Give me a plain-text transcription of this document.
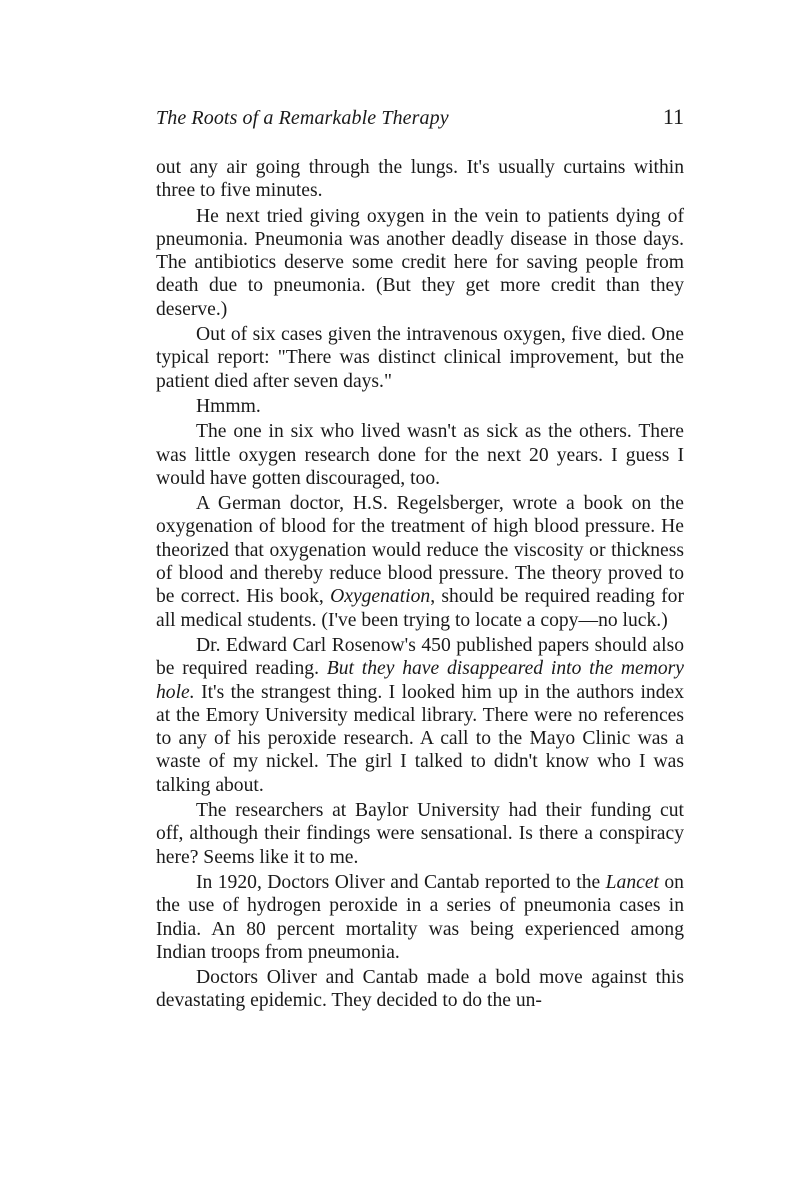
The Roots of a Remarkable Therapy	11

out any air going through the lungs. It's usually curtains within three to five minutes.

He next tried giving oxygen in the vein to patients dying of pneumonia. Pneumonia was another deadly disease in those days. The antibiotics deserve some credit here for saving people from death due to pneumonia. (But they get more credit than they deserve.)

Out of six cases given the intravenous oxygen, five died. One typical report: "There was distinct clinical improvement, but the patient died after seven days."

Hmmm.

The one in six who lived wasn't as sick as the others. There was little oxygen research done for the next 20 years. I guess I would have gotten discouraged, too.

A German doctor, H.S. Regelsberger, wrote a book on the oxygenation of blood for the treatment of high blood pressure. He theorized that oxygenation would reduce the viscosity or thickness of blood and thereby reduce blood pressure. The theory proved to be correct. His book, Oxygenation, should be required reading for all medical students. (I've been trying to locate a copy—no luck.)

Dr. Edward Carl Rosenow's 450 published papers should also be required reading. But they have disappeared into the memory hole. It's the strangest thing. I looked him up in the authors index at the Emory University medical library. There were no references to any of his peroxide research. A call to the Mayo Clinic was a waste of my nickel. The girl I talked to didn't know who I was talking about.

The researchers at Baylor University had their funding cut off, although their findings were sensational. Is there a conspiracy here? Seems like it to me.

In 1920, Doctors Oliver and Cantab reported to the Lancet on the use of hydrogen peroxide in a series of pneumonia cases in India. An 80 percent mortality was being experienced among Indian troops from pneumonia.

Doctors Oliver and Cantab made a bold move against this devastating epidemic. They decided to do the un-
